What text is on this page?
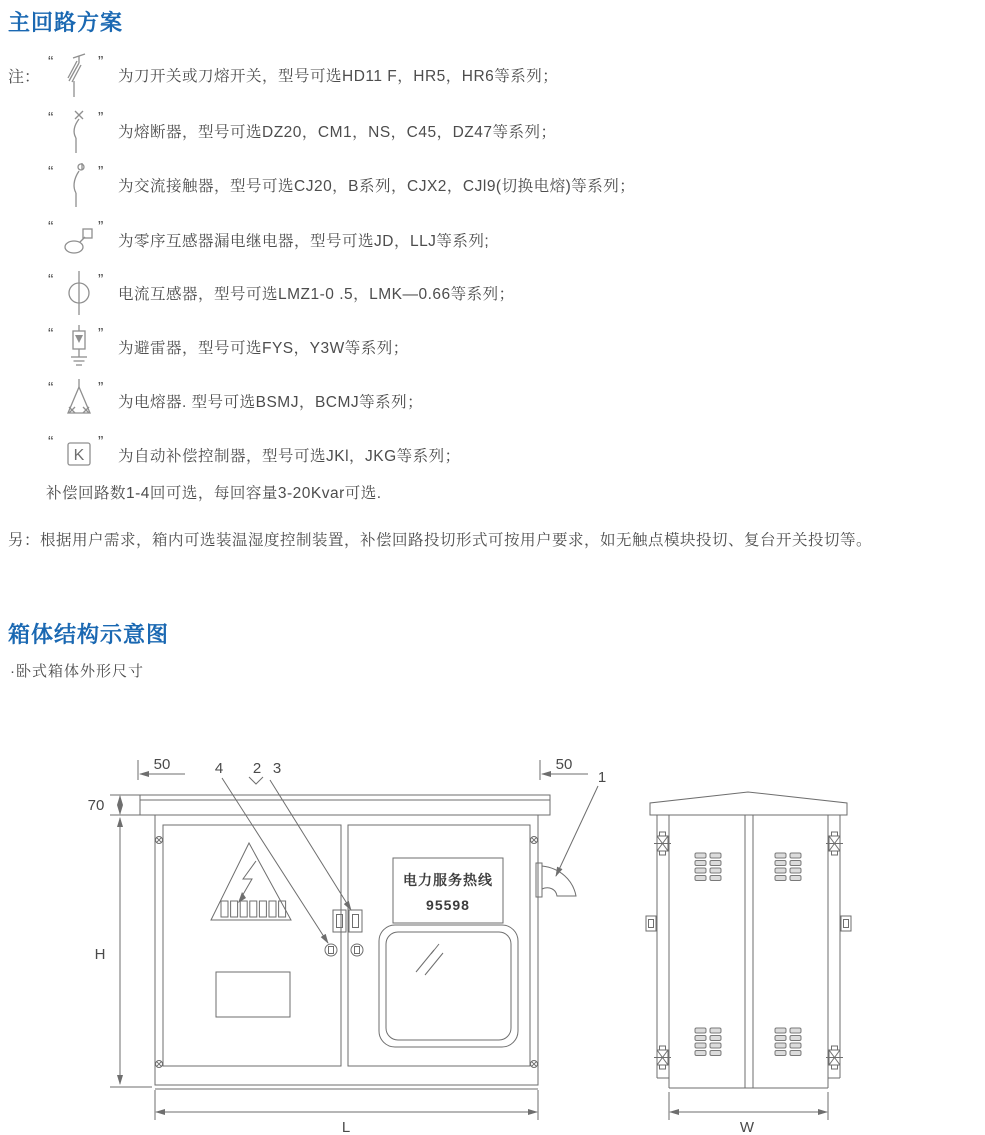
主回路方案
注：
“	”
为刀开关或刀熔开关，型号可选HD11 F，HR5，HR6等系列；
“	”
为熔断器，型号可选DZ20，CM1，NS，C45，DZ47等系列；
“	”
为交流接触器，型号可选CJ20，B系列，CJX2，CJl9(切换电熔)等系列；
“	”
为零序互感器漏电继电器，型号可选JD，LLJ等系列;
“	”
电流互感器，型号可选LMZ1-0 .5，LMK—0.66等系列；
“	”
为避雷器，型号可选FYS，Y3W等系列；
“	”
为电熔器. 型号可选BSMJ，BCMJ等系列；
“
K
”
为自动补偿控制器，型号可选JKl，JKG等系列；
补偿回路数1-4回可选，每回容量3-20Kvar可选.
另：根据用户需求，箱内可选装温湿度控制装置，补偿回路投切形式可按用户要求，如无触点模块投切、复台开关投切等。
箱体结构示意图
·卧式箱体外形尺寸
电力服务热线
95598
50	50
70
H
L
4 2 3
1
W
